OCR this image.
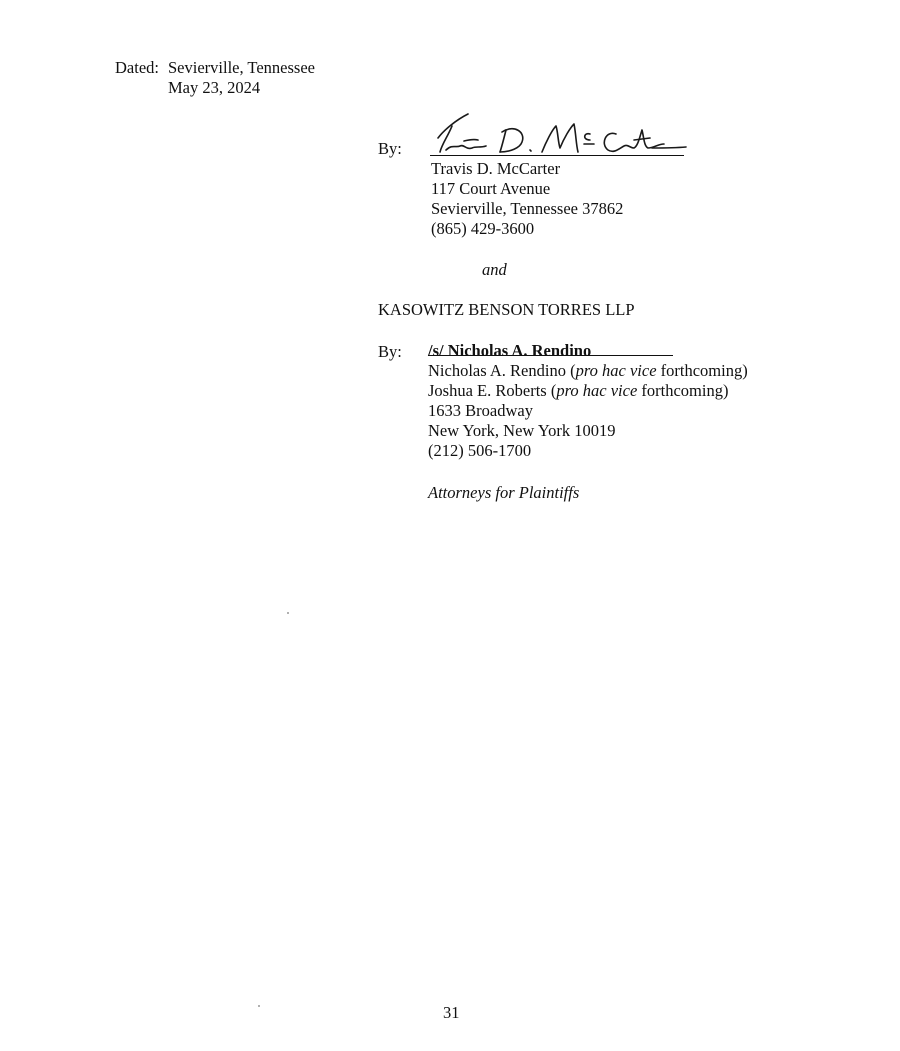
Dated: Sevierville, Tennessee
May 23, 2024
By:
Travis D. McCarter
117 Court Avenue
Sevierville, Tennessee 37862
(865) 429-3600
and
KASOWITZ BENSON TORRES LLP
By: /s/ Nicholas A. Rendino
Nicholas A. Rendino (pro hac vice forthcoming)
Joshua E. Roberts (pro hac vice forthcoming)
1633 Broadway
New York, New York 10019
(212) 506-1700
Attorneys for Plaintiffs
31
